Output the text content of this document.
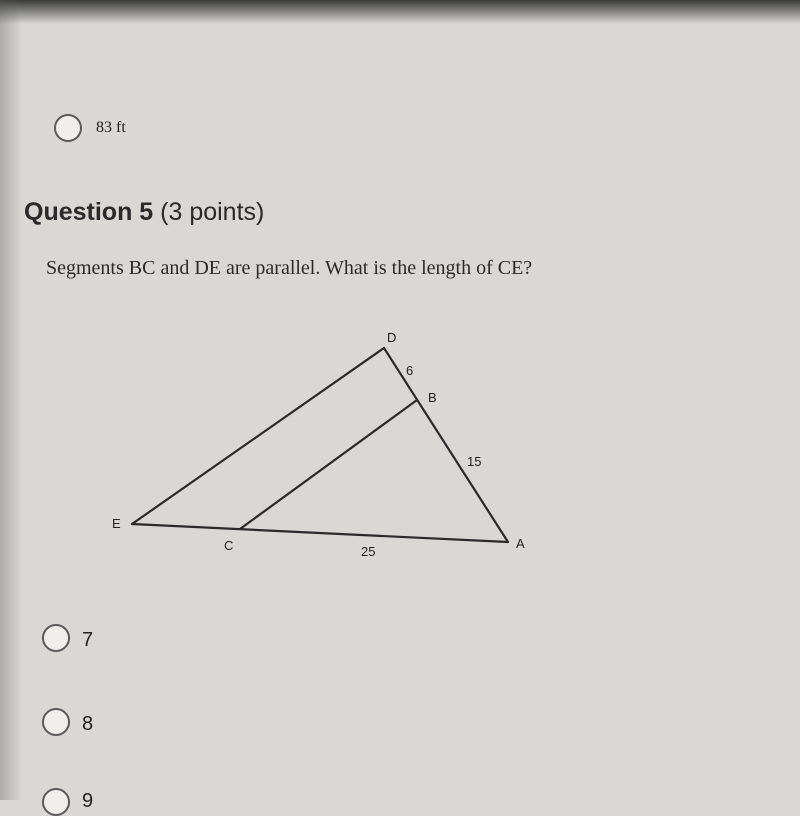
83 ft
Question 5 (3 points)
Segments BC and DE are parallel. What is the length of CE?
D
B
E
C	A
6
15
25
7
8
9
